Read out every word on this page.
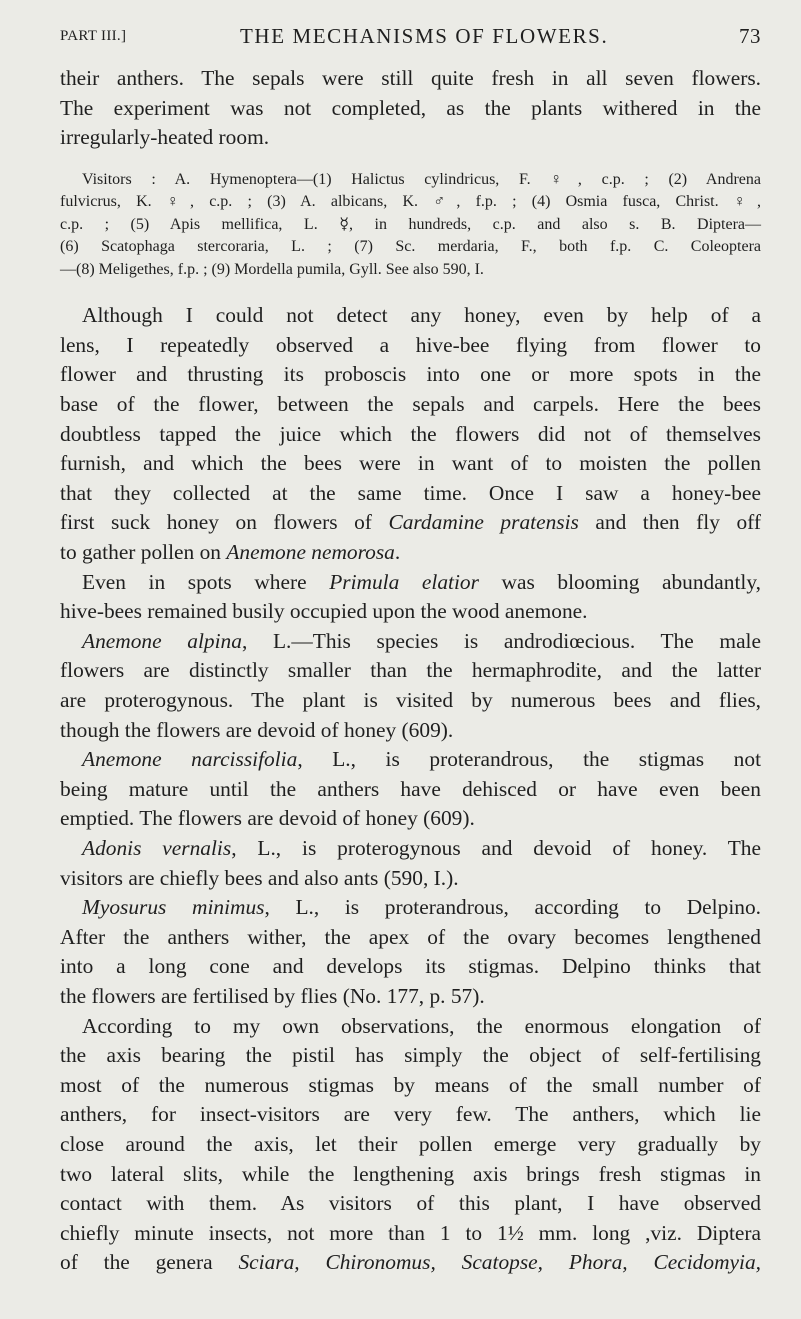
PART III.]	THE MECHANISMS OF FLOWERS.	73

their anthers. The sepals were still quite fresh in all seven flowers.
The experiment was not completed, as the plants withered in the
irregularly-heated room.

Visitors : A. Hymenoptera—(1) Halictus cylindricus, F. ♀, c.p. ; (2) Andrena
fulvicrus, K. ♀, c.p. ; (3) A. albicans, K. ♂, f.p. ; (4) Osmia fusca, Christ. ♀,
c.p. ; (5) Apis mellifica, L. ☿, in hundreds, c.p. and also s. B. Diptera—
(6) Scatophaga stercoraria, L. ; (7) Sc. merdaria, F., both f.p. C. Coleoptera
—(8) Meligethes, f.p. ; (9) Mordella pumila, Gyll. See also 590, I.

Although I could not detect any honey, even by help of a
lens, I repeatedly observed a hive-bee flying from flower to
flower and thrusting its proboscis into one or more spots in the
base of the flower, between the sepals and carpels. Here the bees
doubtless tapped the juice which the flowers did not of themselves
furnish, and which the bees were in want of to moisten the pollen
that they collected at the same time. Once I saw a honey-bee
first suck honey on flowers of Cardamine pratensis and then fly off
to gather pollen on Anemone nemorosa.

Even in spots where Primula elatior was blooming abundantly,
hive-bees remained busily occupied upon the wood anemone.

Anemone alpina, L.—This species is androdiœcious. The male
flowers are distinctly smaller than the hermaphrodite, and the latter
are proterogynous. The plant is visited by numerous bees and flies,
though the flowers are devoid of honey (609).

Anemone narcissifolia, L., is proterandrous, the stigmas not
being mature until the anthers have dehisced or have even been
emptied. The flowers are devoid of honey (609).

Adonis vernalis, L., is proterogynous and devoid of honey. The
visitors are chiefly bees and also ants (590, I.).

Myosurus minimus, L., is proterandrous, according to Delpino.
After the anthers wither, the apex of the ovary becomes lengthened
into a long cone and develops its stigmas. Delpino thinks that
the flowers are fertilised by flies (No. 177, p. 57).
According to my own observations, the enormous elongation of
the axis bearing the pistil has simply the object of self-fertilising
most of the numerous stigmas by means of the small number of
anthers, for insect-visitors are very few. The anthers, which lie
close around the axis, let their pollen emerge very gradually by
two lateral slits, while the lengthening axis brings fresh stigmas in
contact with them. As visitors of this plant, I have observed
chiefly minute insects, not more than 1 to 1½ mm. long ,viz. Diptera
of the genera Sciara, Chironomus, Scatopse, Phora, Cecidomyia,
